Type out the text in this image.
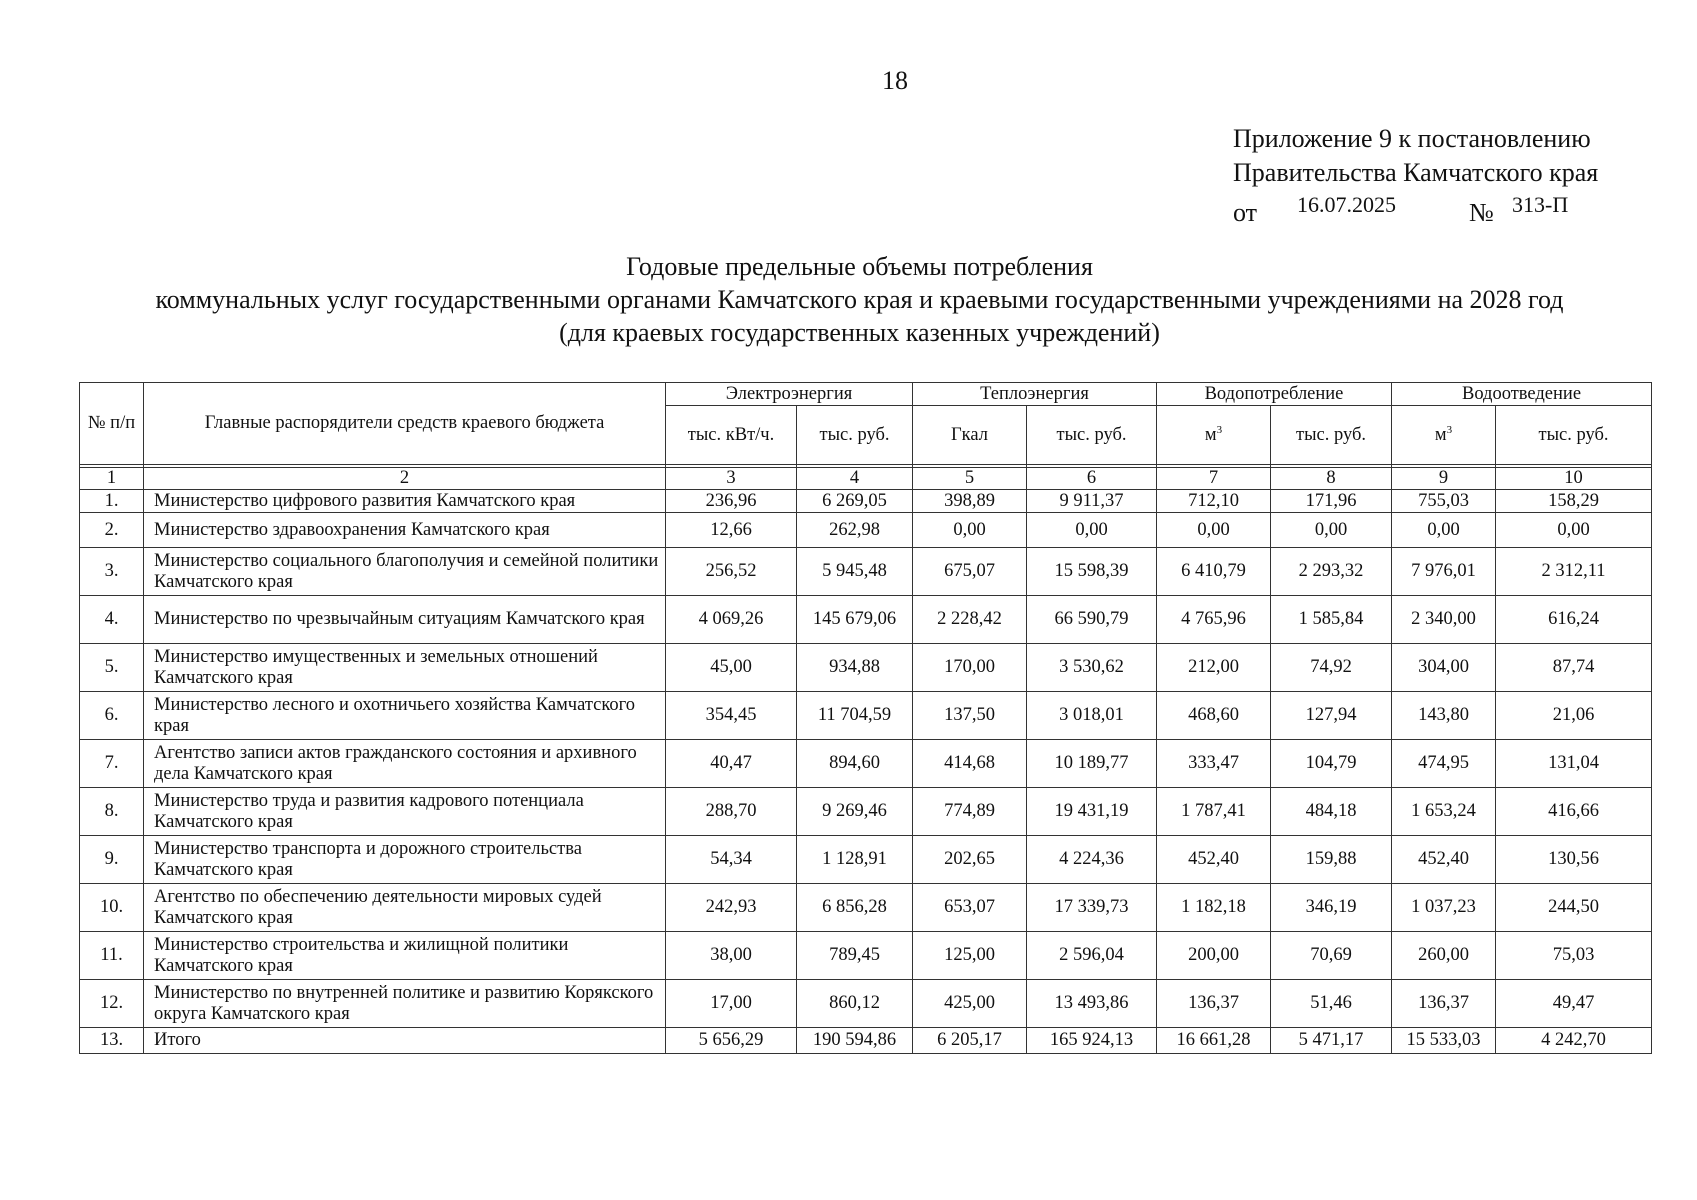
18
Приложение 9 к постановлению
Правительства Камчатского края
от 16.07.2025	№ 313-П
Годовые предельные объемы потребления
коммунальных услуг государственными органами Камчатского края и краевыми государственными учреждениями на 2028 год
(для краевых государственных казенных учреждений)
№ п/п	Главные распорядители средств краевого бюджета	Электроэнергия		Теплоэнергия		Водопотребление		Водоотведение	
		тыс. кВт/ч.	тыс. руб.	Гкал	тыс. руб.	$м^3$	тыс. руб.	$м^3$	тыс. руб.

1	2	3	4	5	6	7	8	9	10
1.	Министерство цифрового развития Камчатского края	236,96	6 269,05	398,89	9 911,37	712,10	171,96	755,03	158,29
2.	Министерство здравоохранения Камчатского края	12,66	262,98	0,00	0,00	0,00	0,00	0,00	0,00
3.	Министерство социального благополучия и семейной политики Камчатского края	256,52	5 945,48	675,07	15 598,39	6 410,79	2 293,32	7 976,01	2 312,11
4.	Министерство по чрезвычайным ситуациям Камчатского края	4 069,26	145 679,06	2 228,42	66 590,79	4 765,96	1 585,84	2 340,00	616,24
5.	Министерство имущественных и земельных отношений Камчатского края	45,00	934,88	170,00	3 530,62	212,00	74,92	304,00	87,74
6.	Министерство лесного и охотничьего хозяйства Камчатского края	354,45	11 704,59	137,50	3 018,01	468,60	127,94	143,80	21,06
7.	Агентство записи актов гражданского состояния и архивного дела Камчатского края	40,47	894,60	414,68	10 189,77	333,47	104,79	474,95	131,04
8.	Министерство труда и развития кадрового потенциала Камчатского края	288,70	9 269,46	774,89	19 431,19	1 787,41	484,18	1 653,24	416,66
9.	Министерство транспорта и дорожного строительства Камчатского края	54,34	1 128,91	202,65	4 224,36	452,40	159,88	452,40	130,56
10.	Агентство по обеспечению деятельности мировых судей Камчатского края	242,93	6 856,28	653,07	17 339,73	1 182,18	346,19	1 037,23	244,50
11.	Министерство строительства и жилищной политики Камчатского края	38,00	789,45	125,00	2 596,04	200,00	70,69	260,00	75,03
12.	Министерство по внутренней политике и развитию Корякского округа Камчатского края	17,00	860,12	425,00	13 493,86	136,37	51,46	136,37	49,47
13.	Итого	5 656,29	190 594,86	6 205,17	165 924,13	16 661,28	5 471,17	15 533,03	4 242,70
